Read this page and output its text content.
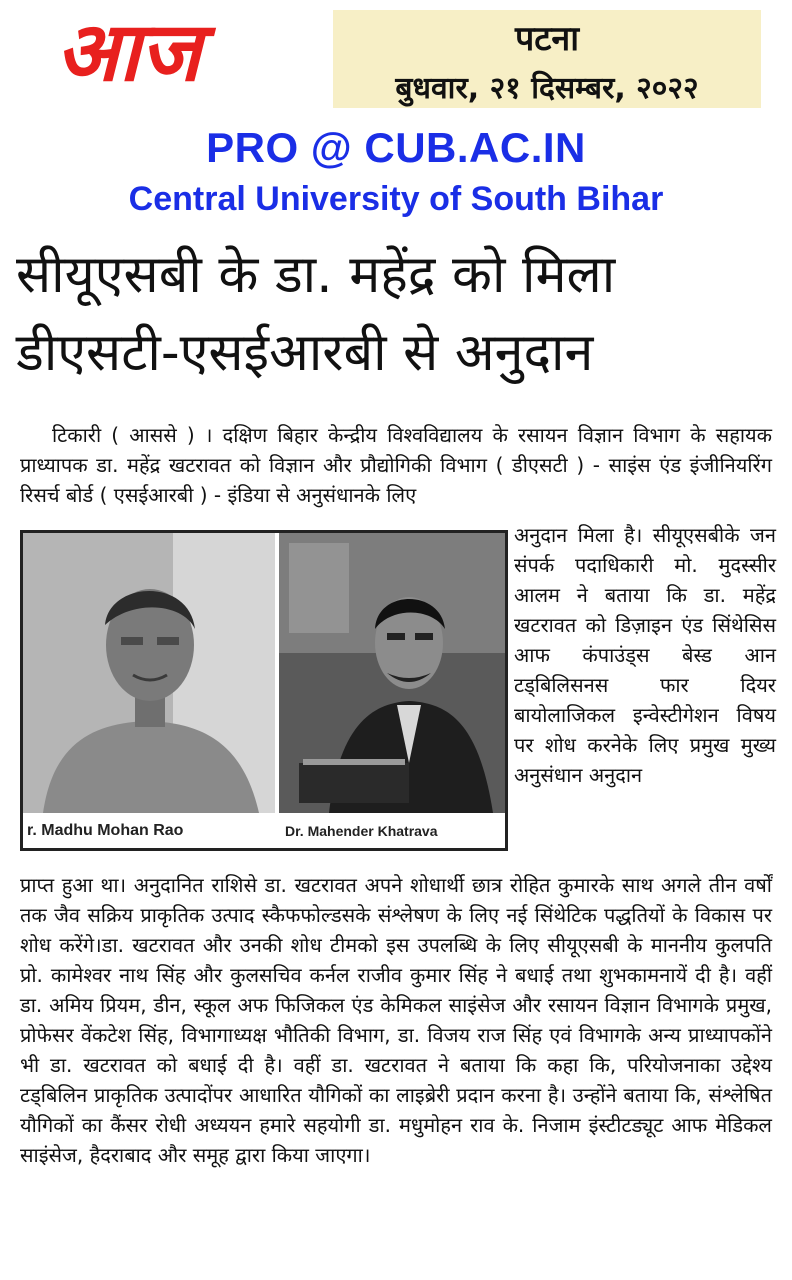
आज	पटना
बुधवार, २१ दिसम्बर, २०२२
PRO @ CUB.AC.IN
Central University of South Bihar
सीयूएसबी के डा. महेंद्र को मिला
डीएसटी-एसईआरबी से अनुदान
टिकारी ( आससे ) । दक्षिण बिहार केन्द्रीय विश्वविद्यालय के रसायन विज्ञान विभाग के सहायक प्राध्यापक डा. महेंद्र खटरावत को विज्ञान और प्रौद्योगिकी विभाग ( डीएसटी ) - साइंस एंड इंजीनियरिंग रिसर्च बोर्ड ( एसईआरबी ) - इंडिया से अनुसंधानके लिए
अनुदान मिला है। सीयूएसबीके जन संपर्क पदाधिकारी मो. मुदस्सीर आलम ने बताया कि डा. महेंद्र खटरावत को डिज़ाइन एंड सिंथेसिस आफ कंपाउंड्स बेस्ड आन टड्बिलिसनस फार दियर बायोलाजिकल इन्वेस्टीगेशन विषय पर शोध करनेके लिए प्रमुख मुख्य अनुसंधान अनुदान
r. Madhu Mohan Rao	Dr. Mahender Khatrava
प्राप्त हुआ था। अनुदानित राशिसे डा. खटरावत अपने शोधार्थी छात्र रोहित कुमारके साथ अगले तीन वर्षों तक जैव सक्रिय प्राकृतिक उत्पाद स्कैफफोल्डसके संश्लेषण के लिए नई सिंथेटिक पद्धतियों के विकास पर शोध करेंगे।डा. खटरावत और उनकी शोध टीमको इस उपलब्धि के लिए सीयूएसबी के माननीय कुलपति प्रो. कामेश्वर नाथ सिंह और कुलसचिव कर्नल राजीव कुमार सिंह ने बधाई तथा शुभकामनायें दी है। वहीं डा. अमिय प्रियम, डीन, स्कूल अफ फिजिकल एंड केमिकल साइंसेज और रसायन विज्ञान विभागके प्रमुख, प्रोफेसर वेंकटेश सिंह, विभागाध्यक्ष भौतिकी विभाग, डा. विजय राज सिंह एवं विभागके अन्य प्राध्यापकोंने भी डा. खटरावत को बधाई दी है। वहीं डा. खटरावत ने बताया कि कहा कि, परियोजनाका उद्देश्य टड्बिलिन प्राकृतिक उत्पादोंपर आधारित यौगिकों का लाइब्रेरी प्रदान करना है। उन्होंने बताया कि, संश्लेषित यौगिकों का कैंसर रोधी अध्ययन हमारे सहयोगी डा. मधुमोहन राव के. निजाम इंस्टीटड्यूट आफ मेडिकल साइंसेज, हैदराबाद और समूह द्वारा किया जाएगा।
